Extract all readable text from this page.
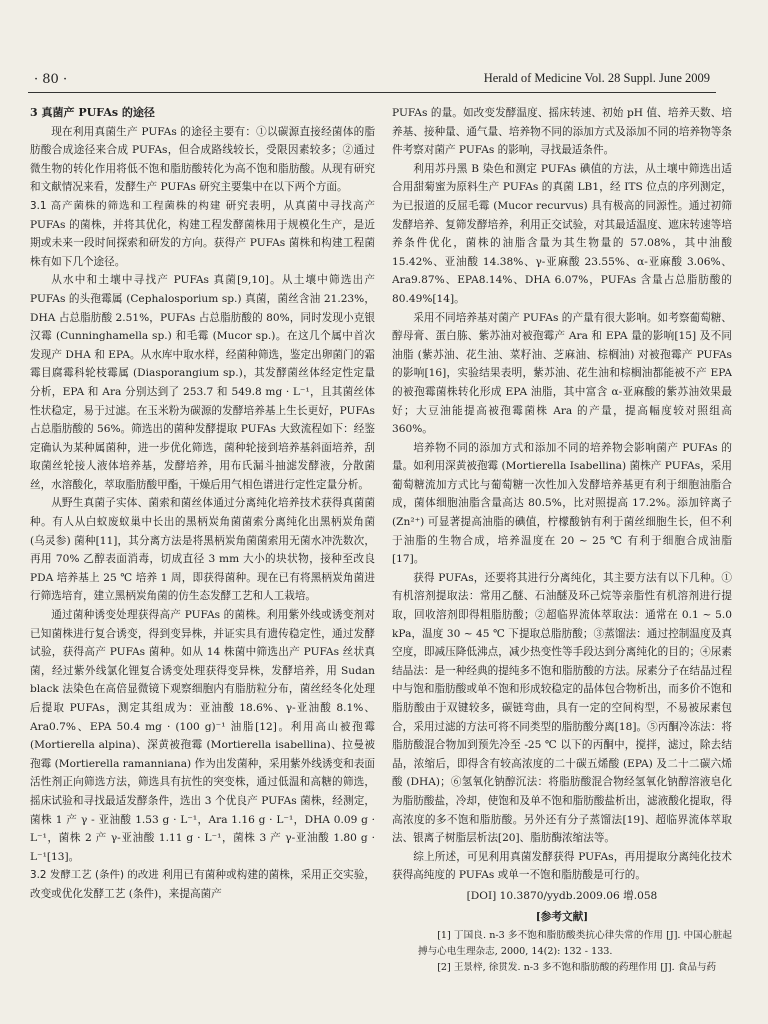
· 80 ·	Herald of Medicine Vol. 28 Suppl. June 2009
3 真菌产 PUFAs 的途径

现在利用真菌生产 PUFAs 的途径主要有：①以碳源直接经菌体的脂肪酸合成途径来合成 PUFAs，但合成路线较长，受限因素较多；②通过微生物的转化作用将低不饱和脂肪酸转化为高不饱和脂肪酸。从现有研究和文献情况来看，发酵生产 PUFAs 研究主要集中在以下两个方面。

3.1 高产菌株的筛选和工程菌株的构建 研究表明，从真菌中寻找高产 PUFAs 的菌株，并将其优化，构建工程发酵菌株用于规模化生产，是近期或未来一段时间探索和研发的方向。获得产 PUFAs 菌株和构建工程菌株有如下几个途径。

从水中和土壤中寻找产 PUFAs 真菌[9,10]。从土壤中筛选出产 PUFAs 的头孢霉属 (Cephalosporium sp.) 真菌，菌丝含油 21.23%，DHA 占总脂肪酸 2.51%，PUFAs 占总脂肪酸的 80%，同时发现小克银汉霉 (Cunninghamella sp.) 和毛霉 (Mucor sp.)。在这几个属中首次发现产 DHA 和 EPA。从水库中取水样，经菌种筛选，鉴定出卵菌门的霜霉目腐霉科轮枝霉属 (Diasporangium sp.)，其发酵菌丝体经定性定量分析，EPA 和 Ara 分别达到了 253.7 和 549.8 mg · L⁻¹，且其菌丝体性状稳定，易于过滤。在玉米粉为碳源的发酵培养基上生长更好，PUFAs 占总脂肪酸的 56%。筛选出的菌种发酵提取 PUFAs 大致流程如下：经鉴定确认为某种属菌种，进一步优化筛选，菌种轮接到培养基斜面培养，刮取菌丝轮接人液体培养基，发酵培养，用布氏漏斗抽滤发酵液，分散菌丝，水溶酸化，萃取脂肪酸甲酯，干燥后用气相色谱进行定性定量分析。

从野生真菌子实体、菌索和菌丝体通过分离纯化培养技术获得真菌菌种。有人从白蚁废蚁巢中长出的黑柄炭角菌菌索分离纯化出黑柄炭角菌 (乌灵参) 菌种[11]，其分离方法是将黑柄炭角菌菌索用无菌水冲洗数次，再用 70% 乙醇表面消毒，切成直径 3 mm 大小的块状物，接种至改良 PDA 培养基上 25 ℃ 培养 1 周，即获得菌种。现在已有将黑柄炭角菌进行筛选培育，建立黑柄炭角菌的仿生态发酵工艺和人工栽培。

通过菌种诱变处理获得高产 PUFAs 的菌株。利用紫外线或诱变剂对已知菌株进行复合诱变，得到变异株，并证实具有遗传稳定性，通过发酵试验，获得高产 PUFAs 菌种。如从 14 株菌中筛选出产 PUFAs 丝状真菌，经过紫外线氯化锂复合诱变处理获得变异株，发酵培养，用 Sudan black 法染色在高倍显微镜下观察细胞内有脂肪粒分布，菌丝经冬化处理后提取 PUFAs，测定其组成为：亚油酸 18.6%、γ-亚油酸 8.1%、Ara0.7%、EPA 50.4 mg · (100 g)⁻¹ 油脂[12]。利用高山被孢霉 (Mortierella alpina)、深黄被孢霉 (Mortierella isabellina)、拉曼被孢霉 (Mortierella ramanniana) 作为出发菌种，采用紫外线诱变和表面活性剂正向筛选方法，筛选具有抗性的突变株，通过低温和高糖的筛选，摇床试验和寻找最适发酵条件，选出 3 个优良产 PUFAs 菌株，经测定，菌株 1 产 γ - 亚油酸 1.53 g · L⁻¹，Ara 1.16 g · L⁻¹，DHA 0.09 g · L⁻¹，菌株 2 产 γ-亚油酸 1.11 g · L⁻¹，菌株 3 产 γ-亚油酸 1.80 g · L⁻¹[13]。

3.2 发酵工艺 (条件) 的改进 利用已有菌种或构建的菌株，采用正交实验，改变或优化发酵工艺 (条件)，来提高菌产

PUFAs 的量。如改变发酵温度、摇床转速、初始 pH 值、培养天数、培养基、接种量、通气量、培养物不同的添加方式及添加不同的培养物等条件考察对菌产 PUFAs 的影响，寻找最适条件。

利用苏丹黑 B 染色和测定 PUFAs 碘值的方法，从土壤中筛选出适合用甜菊蜜为原料生产 PUFAs 的真菌 LB1，经 ITS 位点的序列测定，为已报道的反屈毛霉 (Mucor recurvus) 具有极高的同源性。通过初筛发酵培养、复筛发酵培养，利用正交试验，对其最适温度、遮床转速等培养条件优化，菌株的油脂含量为其生物量的 57.08%，其中油酸 15.42%、亚油酸 14.38%、γ-亚麻酸 23.55%、α-亚麻酸 3.06%、Ara9.87%、EPA8.14%、DHA 6.07%，PUFAs 含量占总脂肪酸的 80.49%[14]。

采用不同培养基对菌产 PUFAs 的产量有很大影响。如考察葡萄糖、醇母膏、蛋白胨、紫苏油对被孢霉产 Ara 和 EPA 量的影响[15] 及不同油脂 (紫苏油、花生油、菜籽油、芝麻油、棕榈油) 对被孢霉产 PUFAs 的影响[16]，实验结果表明，紫苏油、花生油和棕榈油都能被不产 EPA 的被孢霉菌株转化形成 EPA 油脂，其中富含 α-亚麻酸的紫苏油效果最好；大豆油能提高被孢霉菌株 Ara 的产量，提高幅度较对照组高 360%。

培养物不同的添加方式和添加不同的培养物会影响菌产 PUFAs 的量。如利用深黄被孢霉 (Mortierella Isabellina) 菌株产 PUFAs，采用葡萄糖流加方式比与葡萄糖一次性加入发酵培养基更有利于细胞油脂合成，菌体细胞油脂含量高达 80.5%，比对照提高 17.2%。添加锌离子 (Zn²⁺) 可显著提高油脂的碘值，柠檬酸钠有利于菌丝细胞生长，但不利于油脂的生物合成，培养温度在 20 ~ 25 ℃ 有利于细胞合成油脂[17]。

获得 PUFAs，还要将其进行分离纯化，其主要方法有以下几种。①有机溶剂提取法：常用乙醚、石油醚及环己烷等亲脂性有机溶剂进行提取，回收溶剂即得粗脂肪酸；②超临界流体萃取法：通常在 0.1 ~ 5.0 kPa，温度 30 ~ 45 ℃ 下提取总脂肪酸；③蒸馏法：通过控制温度及真空度，即减压降低沸点，减少热变性等手段达到分离纯化的目的；④尿素结晶法：是一种经典的提纯多不饱和脂肪酸的方法。尿素分子在结晶过程中与饱和脂肪酸或单不饱和形成较稳定的晶体包合物析出，而多价不饱和脂肪酸由于双键较多，碳链弯曲，具有一定的空间构型，不易被尿素包合，采用过滤的方法可将不同类型的脂肪酸分离[18]。⑤丙酮冷冻法：将脂肪酸混合物加到预先冷至 -25 ℃ 以下的丙酮中，搅拌，滤过，除去结晶，浓缩后，即得含有较高浓度的二十碳五烯酸 (EPA) 及二十二碳六烯酸 (DHA)；⑥氢氧化钠醇沉法：将脂肪酸混合物经氢氧化钠醇溶液皂化为脂肪酸盐，冷却，使饱和及单不饱和脂肪酸盐析出，滤液酸化提取，得高浓度的多不饱和脂肪酸。另外还有分子蒸馏法[19]、超临界流体萃取法、银离子树脂层析法[20]、脂肪酶浓缩法等。

综上所述，可见利用真菌发酵获得 PUFAs，再用提取分离纯化技术获得高纯度的 PUFAs 或单一不饱和脂肪酸是可行的。

[DOI] 10.3870/yydb.2009.06 增.058
[参考文献]

[1] 丁国良. n-3 多不饱和脂肪酸类抗心律失常的作用 [J]. 中国心脏起搏与心电生理杂志, 2000, 14(2): 132 - 133.

[2] 王景梓, 徐贯发. n-3 多不饱和脂肪酸的药理作用 [J]. 食品与药
